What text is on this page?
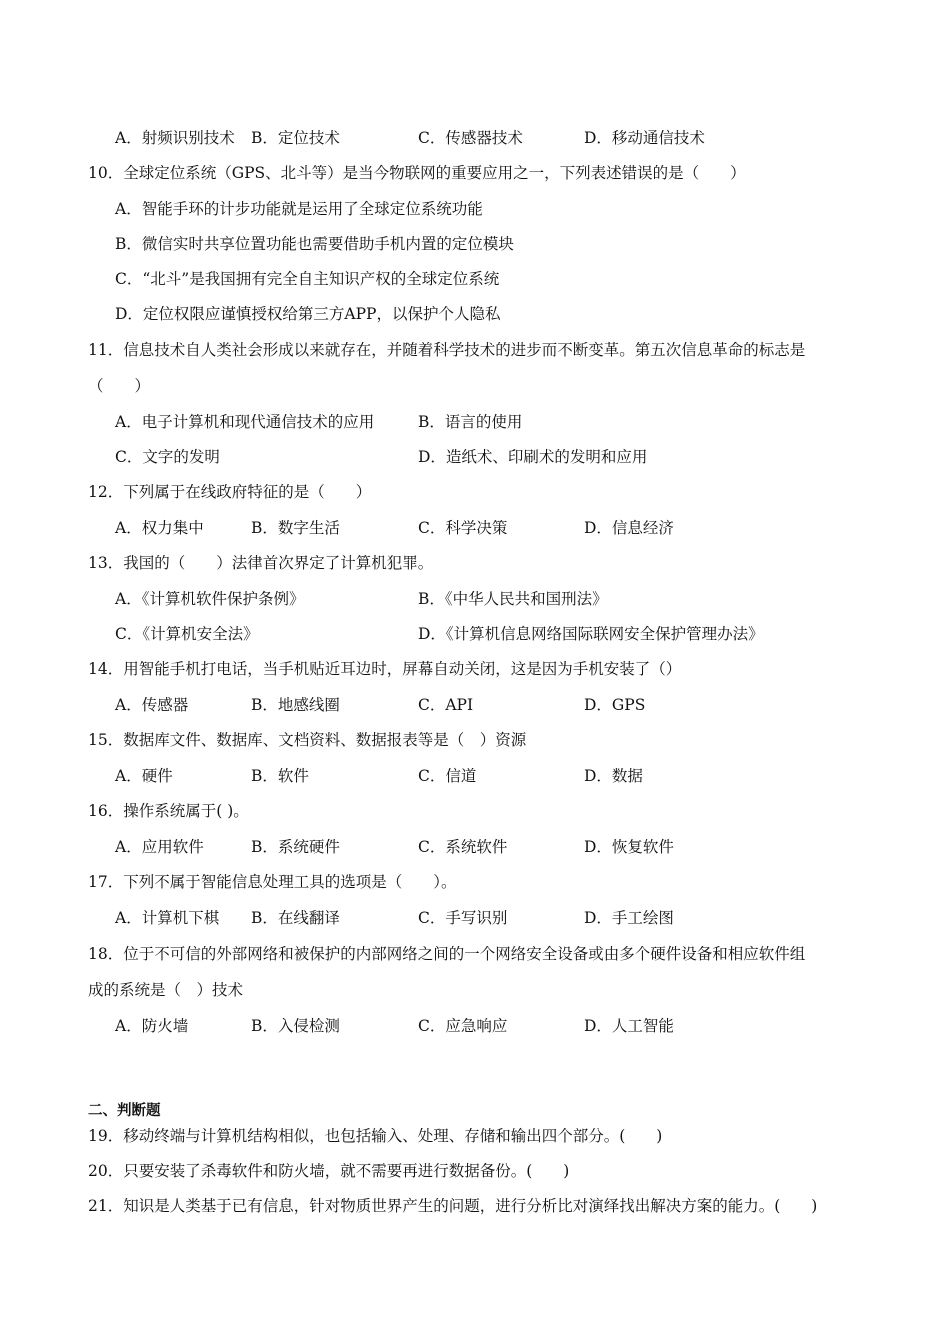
A．射频识别技术 B．定位技术	C．传感器技术	D．移动通信技术
10．全球定位系统（GPS、北斗等）是当今物联网的重要应用之一，下列表述错误的是（　　）
A．智能手环的计步功能就是运用了全球定位系统功能
B．微信实时共享位置功能也需要借助手机内置的定位模块
C．“北斗”是我国拥有完全自主知识产权的全球定位系统
D．定位权限应谨慎授权给第三方APP，以保护个人隐私
11．信息技术自人类社会形成以来就存在，并随着科学技术的进步而不断变革。第五次信息革命的标志是
（　　）
A．电子计算机和现代通信技术的应用	B．语言的使用
C．文字的发明	D．造纸术、印刷术的发明和应用
12．下列属于在线政府特征的是（　　）
A．权力集中	B．数字生活	C．科学决策	D．信息经济
13．我国的（　　）法律首次界定了计算机犯罪。
A．《计算机软件保护条例》	B．《中华人民共和国刑法》
C．《计算机安全法》	D．《计算机信息网络国际联网安全保护管理办法》
14．用智能手机打电话，当手机贴近耳边时，屏幕自动关闭，这是因为手机安装了（）
A．传感器	B．地感线圈	C．API	D．GPS
15．数据库文件、数据库、文档资料、数据报表等是（　）资源
A．硬件	B．软件	C．信道	D．数据
16．操作系统属于( )。
A．应用软件	B．系统硬件	C．系统软件	D．恢复软件
17．下列不属于智能信息处理工具的选项是（　　）。
A．计算机下棋 B．在线翻译	C．手写识别	D．手工绘图
18．位于不可信的外部网络和被保护的内部网络之间的一个网络安全设备或由多个硬件设备和相应软件组
成的系统是（　）技术
A．防火墙	B．入侵检测	C．应急响应	D．人工智能
二、判断题
19．移动终端与计算机结构相似，也包括输入、处理、存储和输出四个部分。(　　)
20．只要安装了杀毒软件和防火墙，就不需要再进行数据备份。(　　)
21．知识是人类基于已有信息，针对物质世界产生的问题，进行分析比对演绎找出解决方案的能力。(　　)
